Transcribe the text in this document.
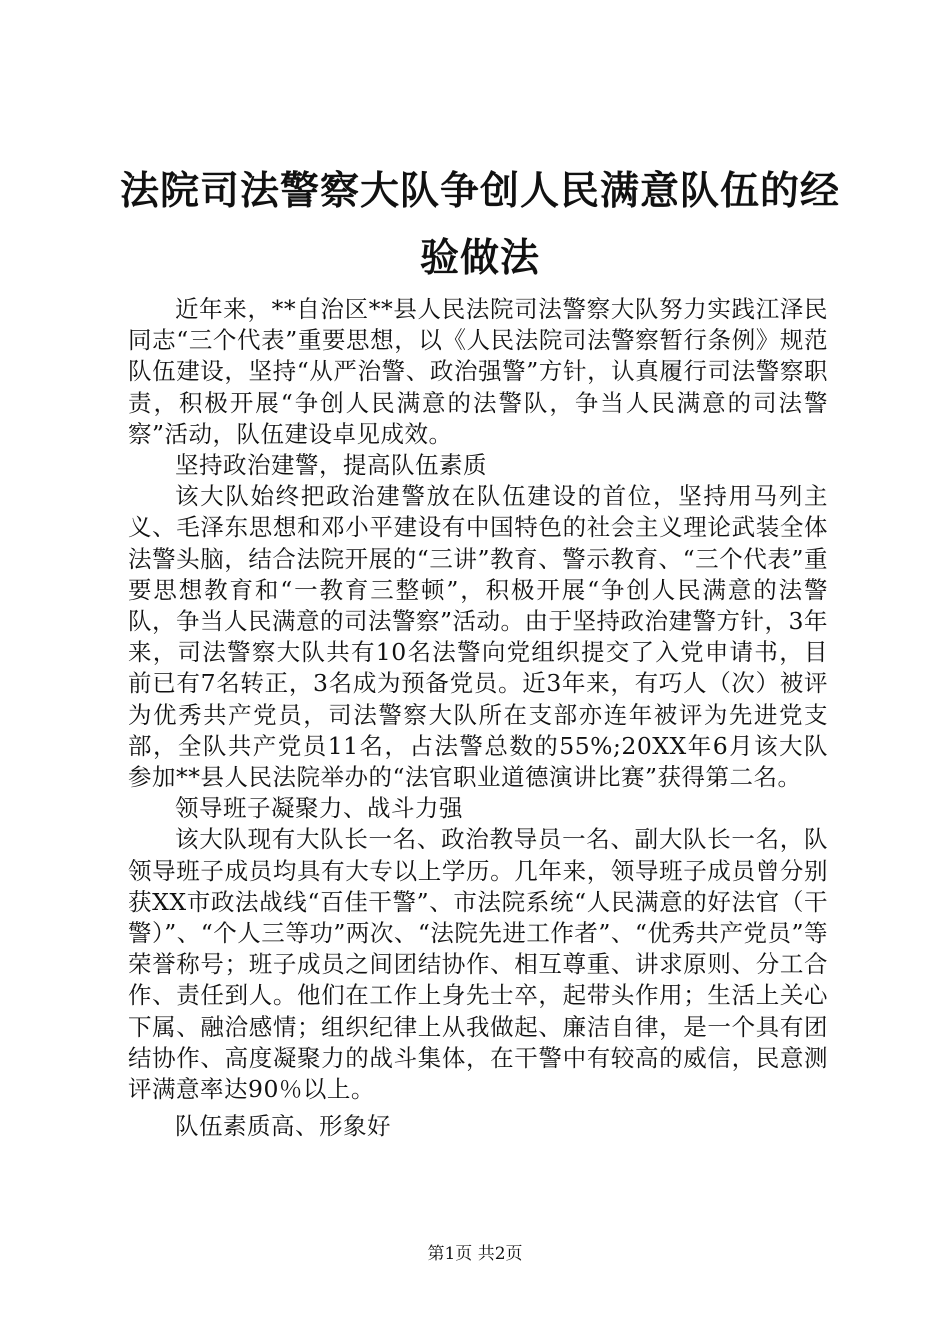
法院司法警察大队争创人民满意队伍的经验做法

近年来，**自治区**县人民法院司法警察大队努力实践江泽民同志“三个代表”重要思想，以《人民法院司法警察暂行条例》规范队伍建设，坚持“从严治警、政治强警”方针，认真履行司法警察职责，积极开展“争创人民满意的法警队，争当人民满意的司法警察”活动，队伍建设卓见成效。

坚持政治建警，提高队伍素质

该大队始终把政治建警放在队伍建设的首位，坚持用马列主义、毛泽东思想和邓小平建设有中国特色的社会主义理论武装全体法警头脑，结合法院开展的“三讲”教育、警示教育、“三个代表”重要思想教育和“一教育三整顿”，积极开展“争创人民满意的法警队，争当人民满意的司法警察”活动。由于坚持政治建警方针，3年来，司法警察大队共有10名法警向党组织提交了入党申请书，目前已有7名转正，3名成为预备党员。近3年来，有巧人（次）被评为优秀共产党员，司法警察大队所在支部亦连年被评为先进党支部，全队共产党员11名，占法警总数的55%;20XX年6月该大队参加**县人民法院举办的“法官职业道德演讲比赛”获得第二名。

领导班子凝聚力、战斗力强

该大队现有大队长一名、政治教导员一名、副大队长一名，队领导班子成员均具有大专以上学历。几年来，领导班子成员曾分别获XX市政法战线“百佳干警”、市法院系统“人民满意的好法官（干警）”、“个人三等功”两次、“法院先进工作者”、“优秀共产党员”等荣誉称号；班子成员之间团结协作、相互尊重、讲求原则、分工合作、责任到人。他们在工作上身先士卒，起带头作用；生活上关心下属、融洽感情；组织纪律上从我做起、廉洁自律，是一个具有团结协作、高度凝聚力的战斗集体，在干警中有较高的威信，民意测评满意率达90％以上。

队伍素质高、形象好

第1页 共2页
